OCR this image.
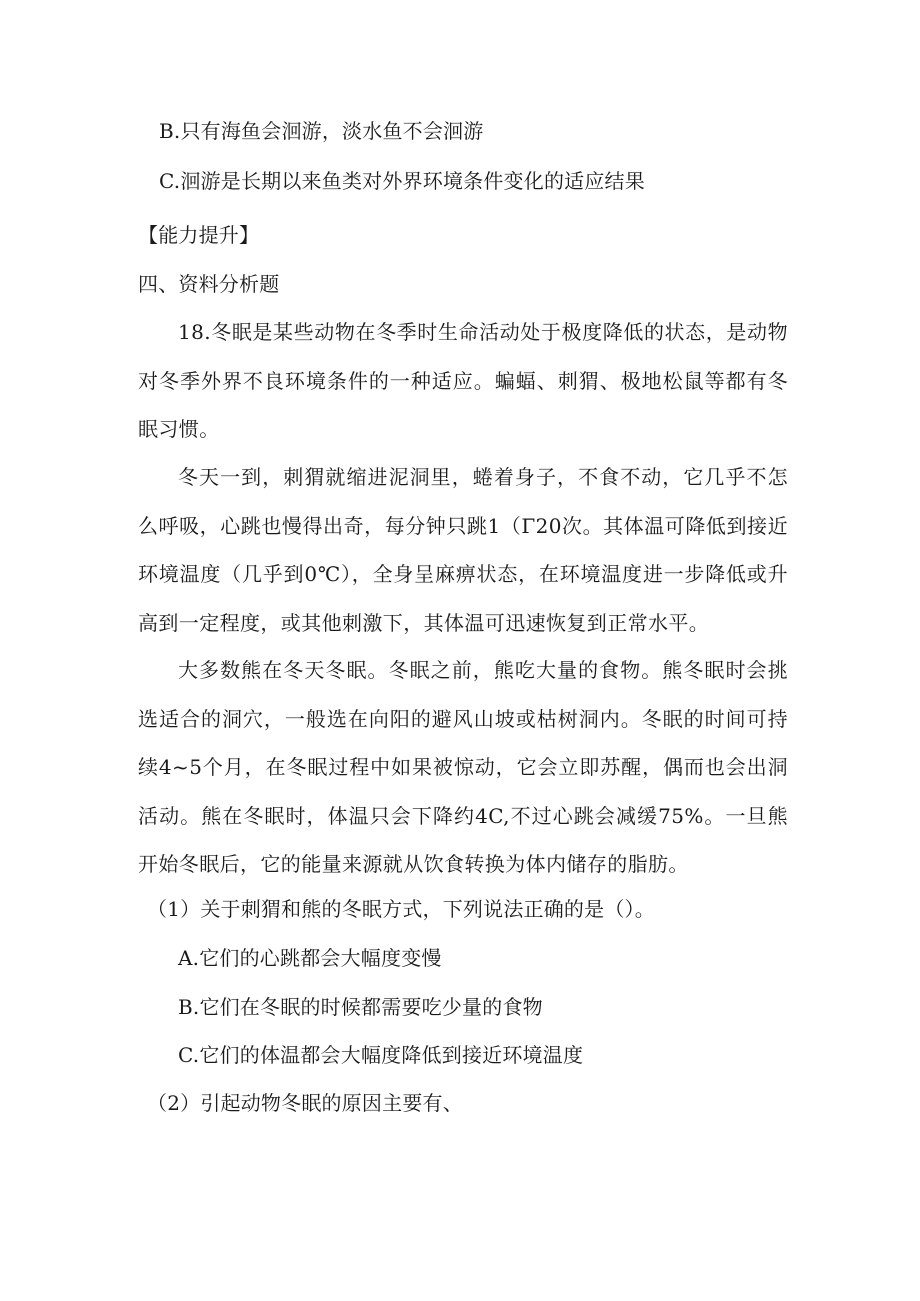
B.只有海鱼会洄游，淡水鱼不会洄游
C.洄游是长期以来鱼类对外界环境条件变化的适应结果
【能力提升】
四、资料分析题
18.冬眠是某些动物在冬季时生命活动处于极度降低的状态，是动物对冬季外界不良环境条件的一种适应。蝙蝠、刺猬、极地松鼠等都有冬眠习惯。
冬天一到，刺猬就缩进泥洞里，蜷着身子，不食不动，它几乎不怎么呼吸，心跳也慢得出奇，每分钟只跳1（Γ20次。其体温可降低到接近环境温度（几乎到0℃），全身呈麻痹状态，在环境温度进一步降低或升高到一定程度，或其他刺激下，其体温可迅速恢复到正常水平。
大多数熊在冬天冬眠。冬眠之前，熊吃大量的食物。熊冬眠时会挑选适合的洞穴，一般选在向阳的避风山坡或枯树洞内。冬眠的时间可持续4~5个月，在冬眠过程中如果被惊动，它会立即苏醒，偶而也会出洞活动。熊在冬眠时，体温只会下降约4C,不过心跳会减缓75%。一旦熊开始冬眠后，它的能量来源就从饮食转换为体内储存的脂肪。
（1）关于刺猬和熊的冬眠方式，下列说法正确的是（）。
A.它们的心跳都会大幅度变慢
B.它们在冬眠的时候都需要吃少量的食物
C.它们的体温都会大幅度降低到接近环境温度
（2）引起动物冬眠的原因主要有、
